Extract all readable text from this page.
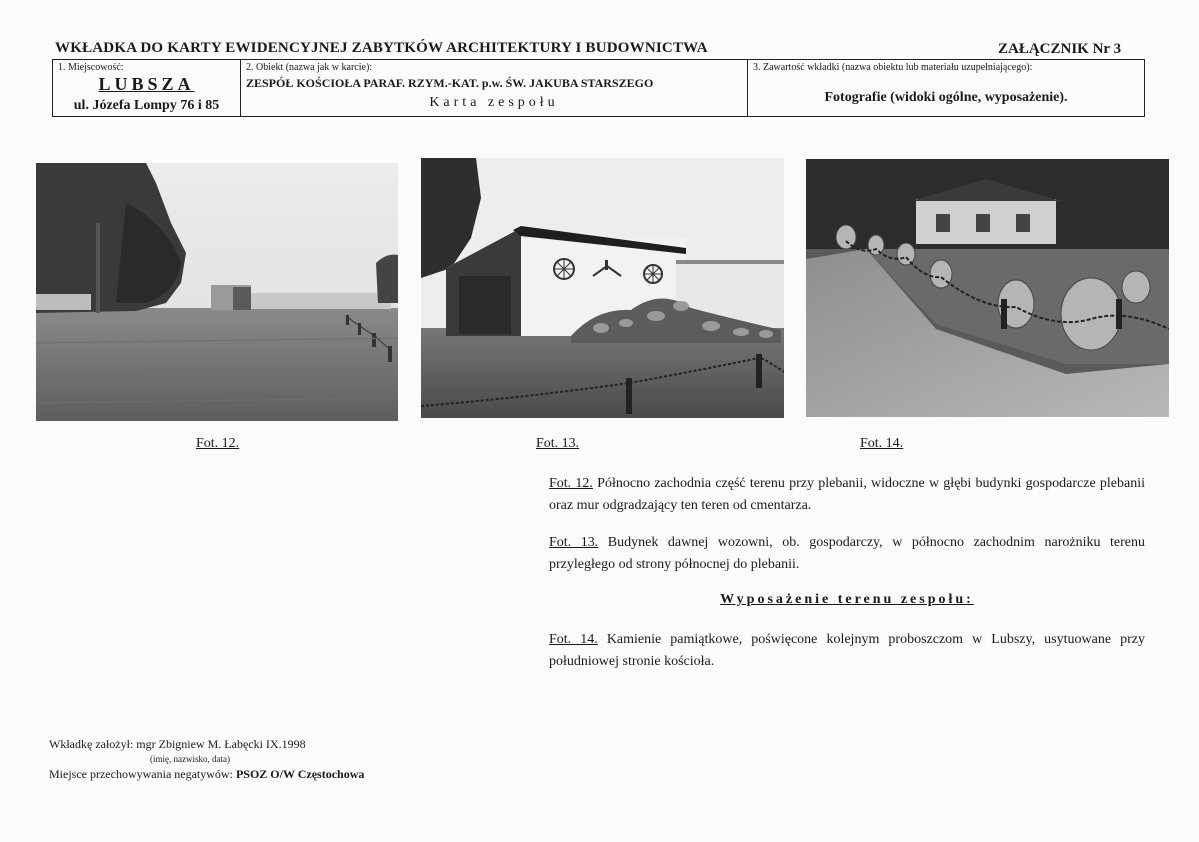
WKŁADKA DO KARTY EWIDENCYJNEJ ZABYTKÓW ARCHITEKTURY I BUDOWNICTWA	ZAŁĄCZNIK Nr 3
1. Miejscowość:
LUBSZA
ul. Józefa Lompy 76 i 85
2. Obiekt (nazwa jak w karcie):
ZESPÓŁ KOŚCIOŁA PARAF. RZYM.-KAT. p.w. ŚW. JAKUBA STARSZEGO
Karta zespołu
3. Zawartość wkładki (nazwa obiektu lub materiału uzupełniającego):
Fotografie (widoki ogólne, wyposażenie).
Fot. 12.	Fot. 13.	Fot. 14.
Fot. 12. Północno zachodnia część terenu przy plebanii, widoczne w głębi budynki gospodarcze plebanii oraz mur odgradzający ten teren od cmentarza.
Fot. 13. Budynek dawnej wozowni, ob. gospodarczy, w północno zachodnim narożniku terenu przyległego od strony północnej do plebanii.
Wyposażenie terenu zespołu:
Fot. 14. Kamienie pamiątkowe, poświęcone kolejnym proboszczom w Lubszy, usytuowane przy południowej stronie kościoła.
Wkładkę założył: mgr Zbigniew M. Łabęcki IX.1998
(imię, nazwisko, data)
Miejsce przechowywania negatywów: PSOZ O/W Częstochowa
